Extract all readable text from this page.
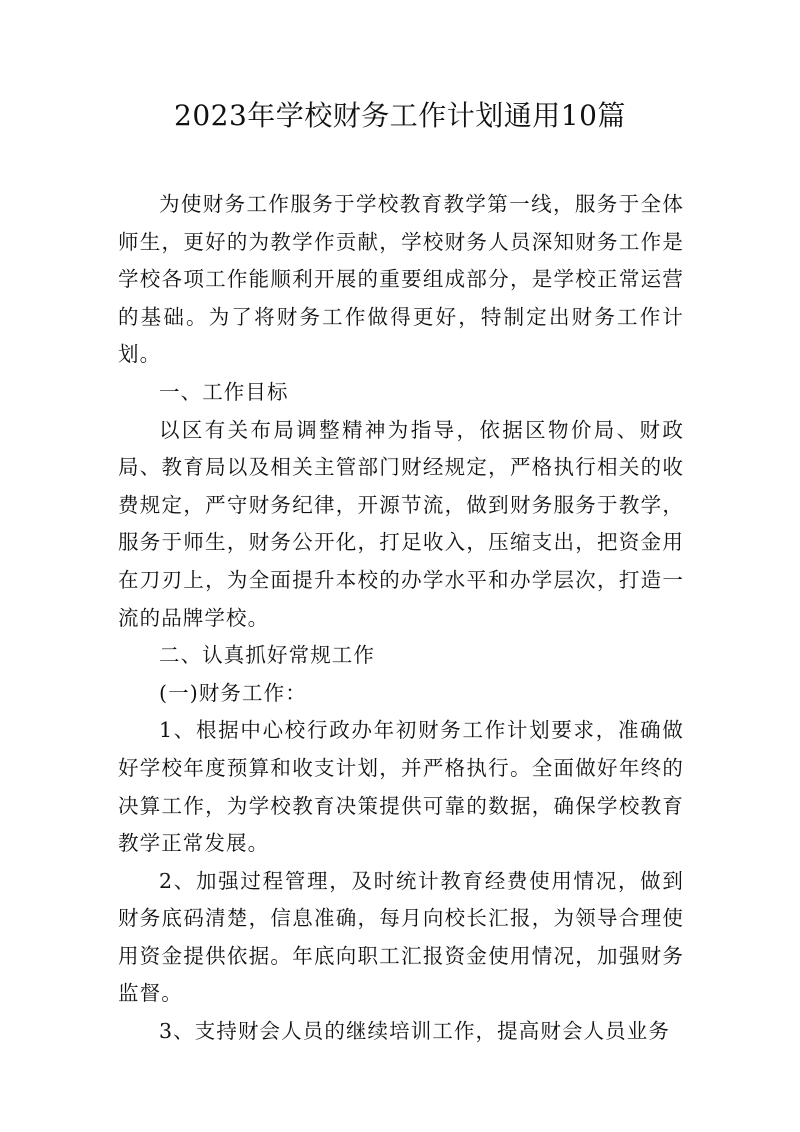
2023年学校财务工作计划通用10篇

为使财务工作服务于学校教育教学第一线，服务于全体师生，更好的为教学作贡献，学校财务人员深知财务工作是学校各项工作能顺利开展的重要组成部分，是学校正常运营的基础。为了将财务工作做得更好，特制定出财务工作计划。

一、工作目标

以区有关布局调整精神为指导，依据区物价局、财政局、教育局以及相关主管部门财经规定，严格执行相关的收费规定，严守财务纪律，开源节流，做到财务服务于教学，服务于师生，财务公开化，打足收入，压缩支出，把资金用在刀刃上，为全面提升本校的办学水平和办学层次，打造一流的品牌学校。

二、认真抓好常规工作

(一)财务工作：

1、根据中心校行政办年初财务工作计划要求，准确做好学校年度预算和收支计划，并严格执行。全面做好年终的决算工作，为学校教育决策提供可靠的数据，确保学校教育教学正常发展。

2、加强过程管理，及时统计教育经费使用情况，做到财务底码清楚，信息准确，每月向校长汇报，为领导合理使用资金提供依据。年底向职工汇报资金使用情况，加强财务监督。

3、支持财会人员的继续培训工作，提高财会人员业务
